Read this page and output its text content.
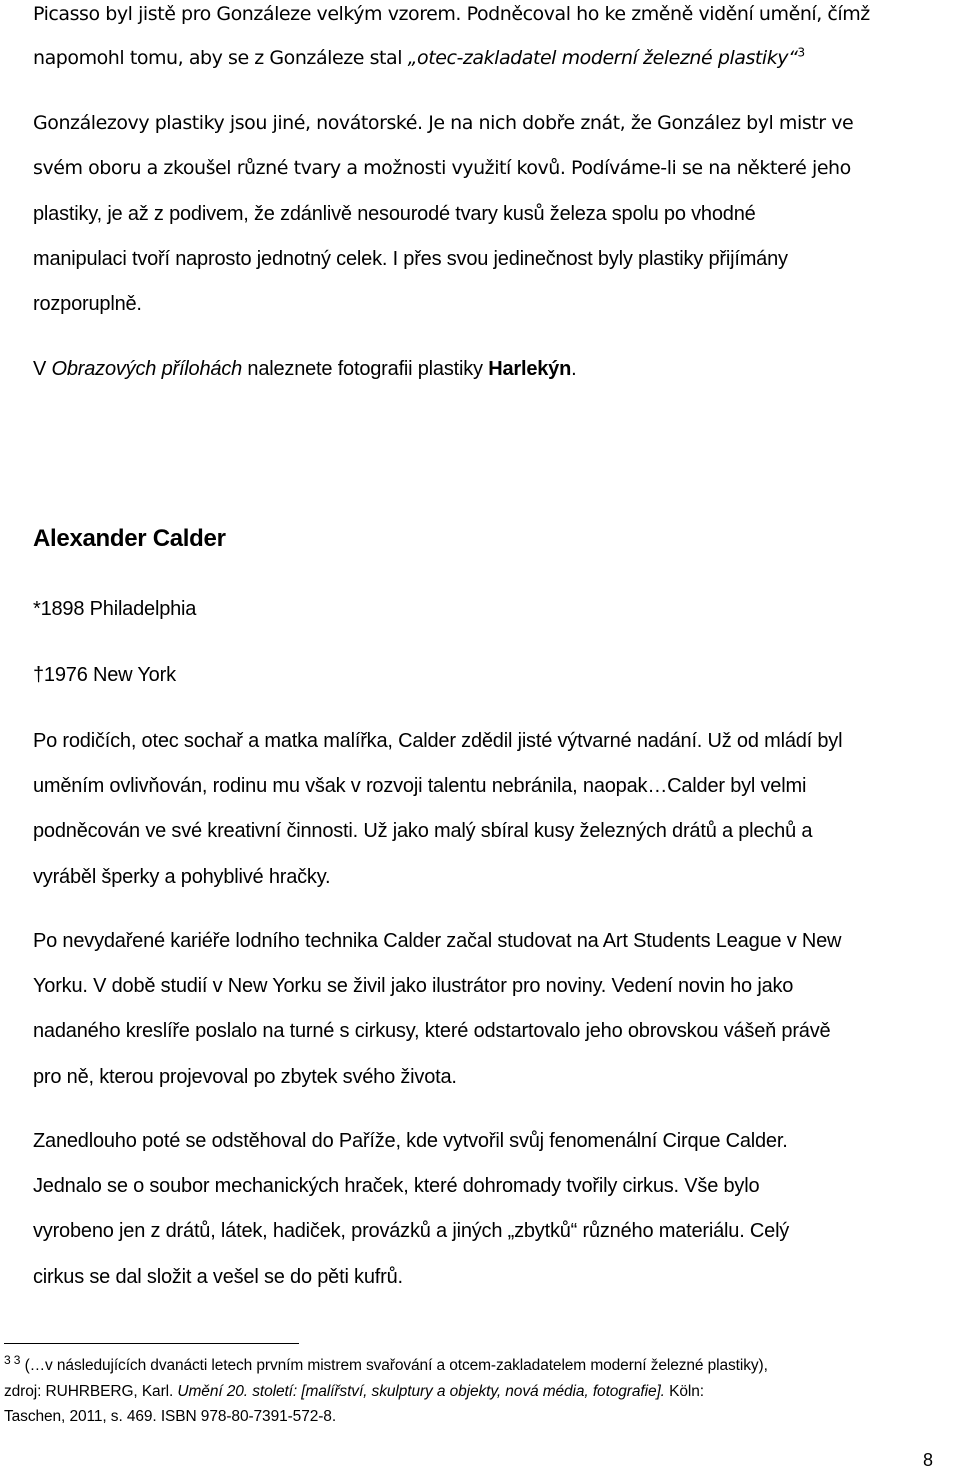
Picasso byl jistě pro Gonzáleze velkým vzorem. Podněcoval ho ke změně vidění umění, čímž
napomohl tomu, aby se z Gonzáleze stal „otec-zakladatel moderní železné plastiky“$^3$
Gonzálezovy plastiky jsou jiné, novátorské. Je na nich dobře znát, že González byl mistr ve
svém oboru a zkoušel různé tvary a možnosti využití kovů. Podíváme-li se na některé jeho
plastiky, je až z podivem, že zdánlivě nesourodé tvary kusů železa spolu po vhodné
manipulaci tvoří naprosto jednotný celek. I přes svou jedinečnost byly plastiky přijímány
rozporuplně.
V Obrazových přílohách naleznete fotografii plastiky Harlekýn.
Alexander Calder
*1898 Philadelphia
†1976 New York
Po rodičích, otec sochař a matka malířka, Calder zdědil jisté výtvarné nadání. Už od mládí byl
uměním ovlivňován, rodinu mu však v rozvoji talentu nebránila, naopak…Calder byl velmi
podněcován ve své kreativní činnosti. Už jako malý sbíral kusy železných drátů a plechů a
vyráběl šperky a pohyblivé hračky.
Po nevydařené kariéře lodního technika Calder začal studovat na Art Students League v New
Yorku. V době studií v New Yorku se živil jako ilustrátor pro noviny. Vedení novin ho jako
nadaného kreslíře poslalo na turné s cirkusy, které odstartovalo jeho obrovskou vášeň právě
pro ně, kterou projevoval po zbytek svého života.
Zanedlouho poté se odstěhoval do Paříže, kde vytvořil svůj fenomenální Cirque Calder.
Jednalo se o soubor mechanických hraček, které dohromady tvořily cirkus. Vše bylo
vyrobeno jen z drátů, látek, hadiček, provázků a jiných „zbytků“ různého materiálu. Celý
cirkus se dal složit a vešel se do pěti kufrů.
$^{3 3}$ (…v následujících dvanácti letech prvním mistrem svařování a otcem-zakladatelem moderní železné plastiky),
zdroj: RUHRBERG, Karl. Umění 20. století: [malířství, skulptury a objekty, nová média, fotografie]. Köln:
Taschen, 2011, s. 469. ISBN 978-80-7391-572-8.
8
